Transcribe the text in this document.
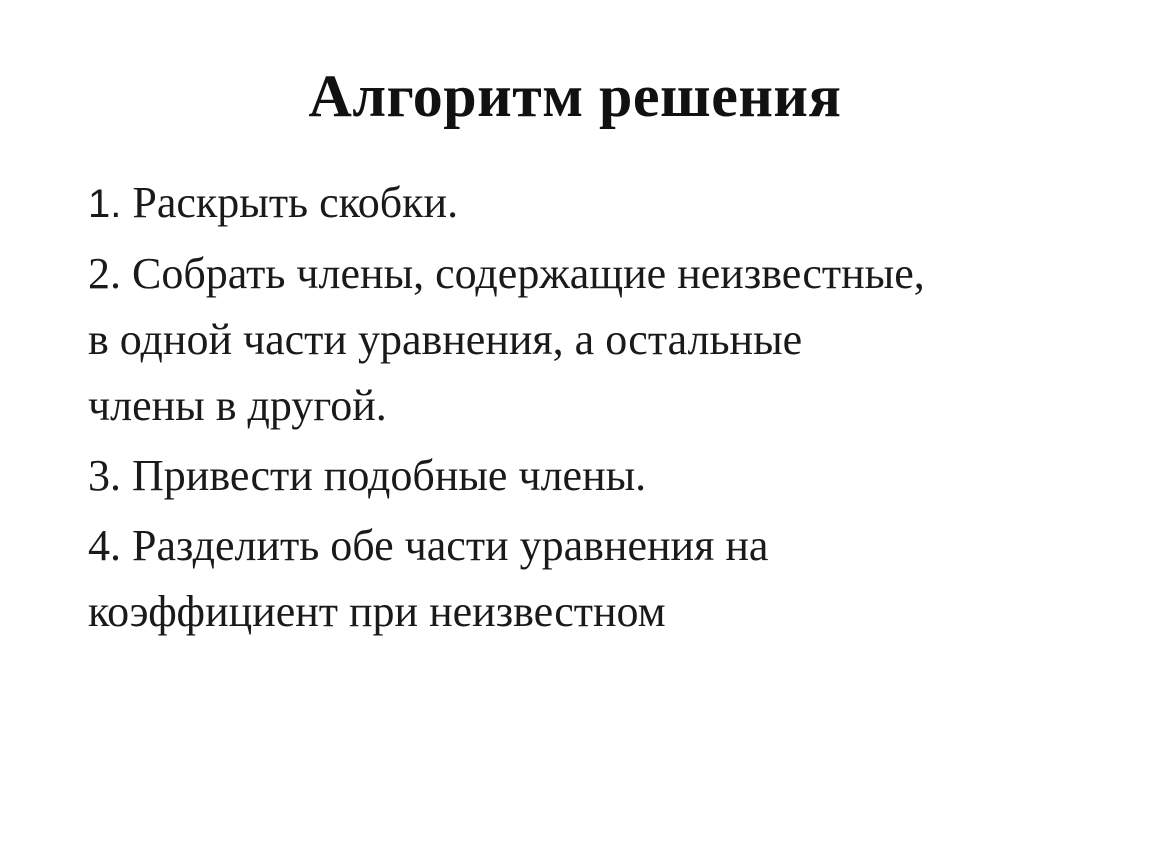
Алгоритм решения
1. Раскрыть скобки.
2. Собрать члены, содержащие неизвестные,
в одной части уравнения, а остальные
члены в другой.
3. Привести подобные члены.
4. Разделить обе части уравнения на
коэффициент при неизвестном
